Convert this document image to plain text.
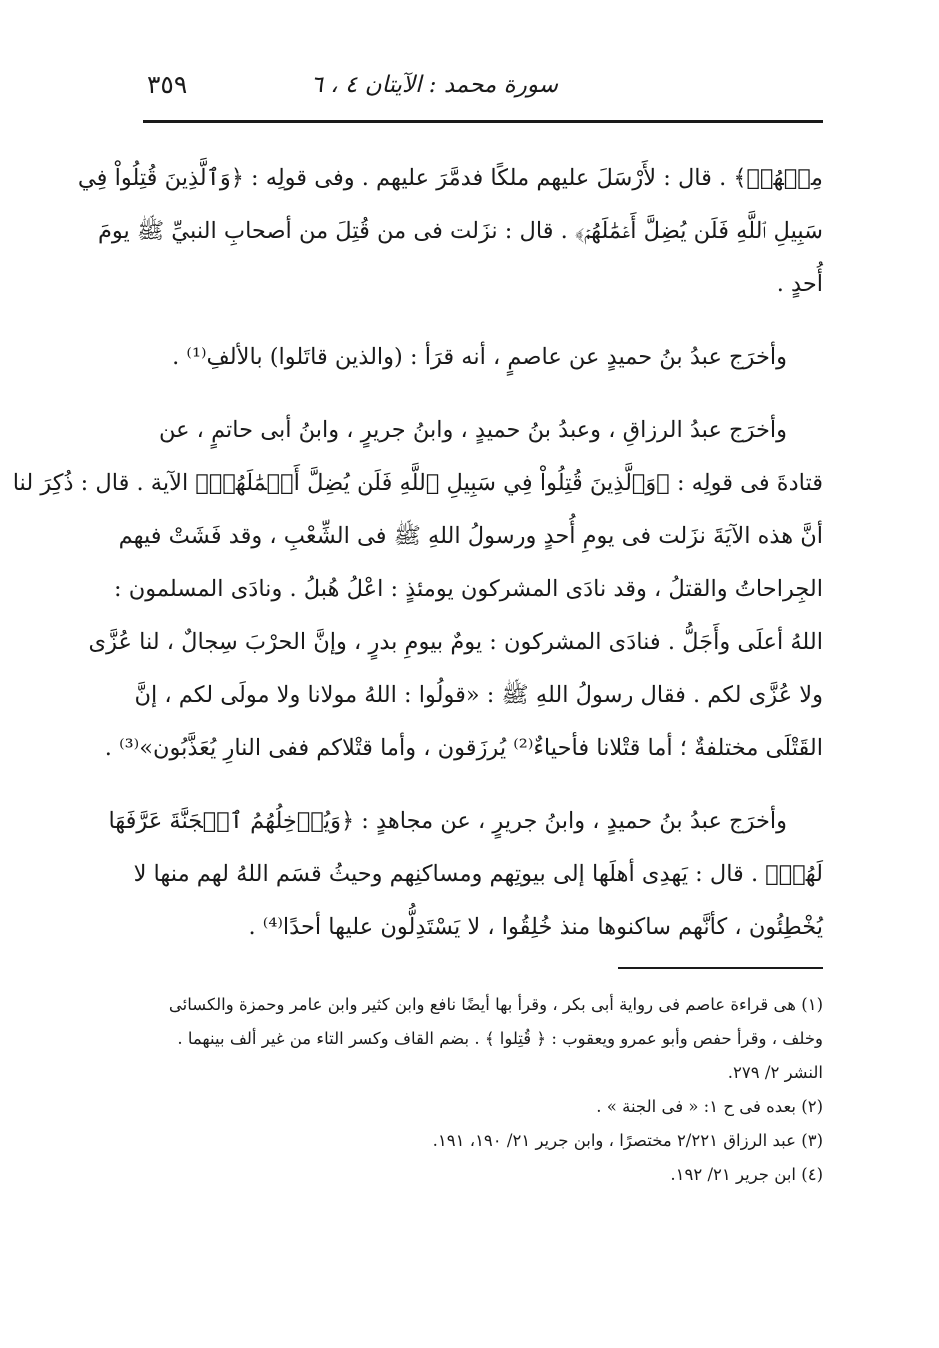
سورة محمد : الآيتان ٤ ، ٦
٣٥٩

مِنۡهُمۡ﴾ . قال : لأَرْسَلَ عليهم ملكًا فدمَّرَ عليهم . وفى قولِه : ﴿وَٱلَّذِينَ قُتِلُواْ فِي
سَبِيلِ ٱللَّهِ فَلَن يُضِلَّ أَعۡمَٰلَهُمۡ﴾ . قال : نزَلت فى من قُتِلَ من أصحابِ النبيِّ ﷺ يومَ
أُحدٍ .

وأخرَج عبدُ بنُ حميدٍ عن عاصمٍ ، أنه قرَأ : (والذين قاتَلوا) بالألفِ⁽¹⁾ .

وأخرَج عبدُ الرزاقِ ، وعبدُ بنُ حميدٍ ، وابنُ جريرٍ ، وابنُ أبى حاتمٍ ، عن
قتادةَ فى قولِه : ﴿وَٱلَّذِينَ قُتِلُواْ فِي سَبِيلِ ٱللَّهِ فَلَن يُضِلَّ أَعۡمَٰلَهُمۡ﴾ الآية . قال : ذُكِرَ لنا
أنَّ هذه الآيَةَ نزَلت فى يومِ أُحدٍ ورسولُ اللهِ ﷺ فى الشِّعْبِ ، وقد فَشَتْ فيهم
الجِراحاتُ والقتلُ ، وقد نادَى المشركون يومئذٍ : اعْلُ هُبلُ . ونادَى المسلمون :
اللهُ أعلَى وأَجَلُّ . فنادَى المشركون : يومٌ بيومِ بدرٍ ، وإنَّ الحرْبَ سِجالٌ ، لنا عُزَّى
ولا عُزَّى لكم . فقال رسولُ اللهِ ﷺ : «قولُوا : اللهُ مولانا ولا مولَى لكم ، إنَّ
القَتْلَى مختلفةٌ ؛ أما قتْلانا فأحياءٌ⁽²⁾ يُرزَقون ، وأما قتْلاكم ففى النارِ يُعَذَّبُون»⁽³⁾ .

وأخرَج عبدُ بنُ حميدٍ ، وابنُ جريرٍ ، عن مجاهدٍ : ﴿وَيُدۡخِلُهُمُ ٱلۡجَنَّةَ عَرَّفَهَا
لَهُمۡ﴾ . قال : يَهدِى أهلَها إلى بيوتِهم ومساكنِهم وحيثُ قسَم اللهُ لهم منها لا
يُخْطِئُون ، كأنَّهم ساكنوها منذ خُلِقُوا ، لا يَسْتَدِلُّون عليها أحدًا⁽⁴⁾ .

(١) هى قراءة عاصم فى رواية أبى بكر ، وقرأ بها أيضًا نافع وابن كثير وابن عامر وحمزة والكسائى

وخلف ، وقرأ حفص وأبو عمرو ويعقوب : ﴿ قُتِلوا ﴾ . بضم القاف وكسر التاء من غير ألف بينهما .

النشر ٢/ ٢٧٩.

(٢) بعده فى ح ١: « فى الجنة » .

(٣) عبد الرزاق ٢/٢٢١ مختصرًا ، وابن جرير ٢١/ ١٩٠، ١٩١.

(٤) ابن جرير ٢١/ ١٩٢.
